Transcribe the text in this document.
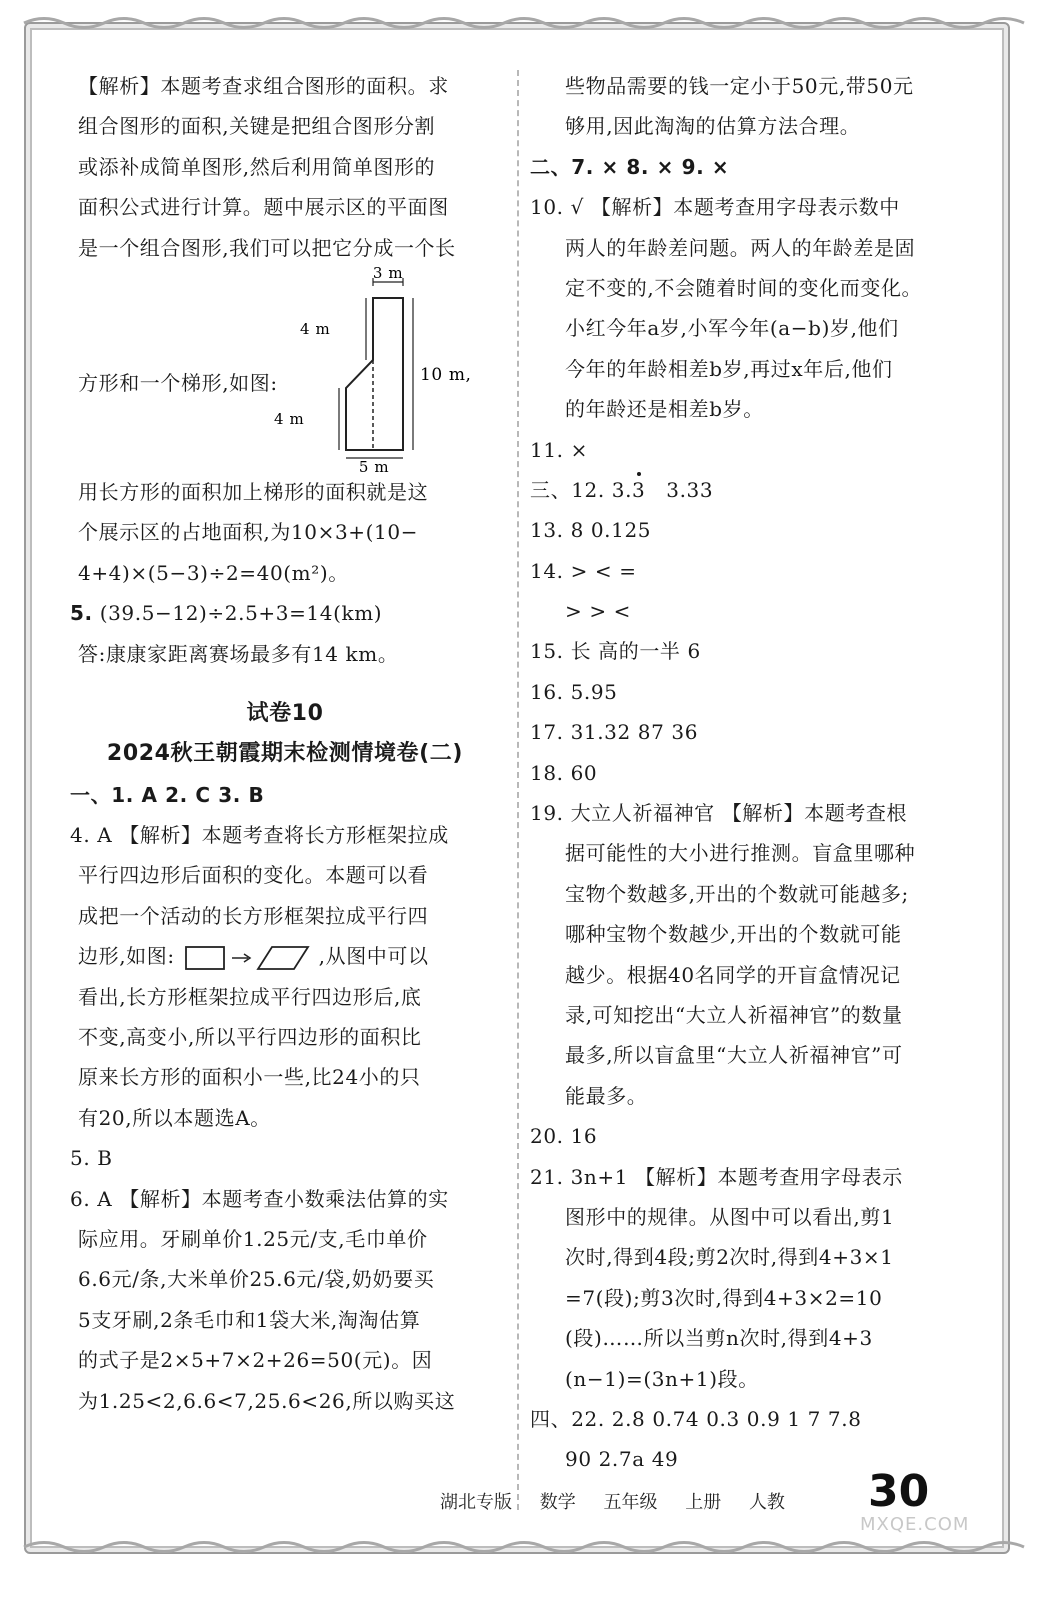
【解析】本题考查求组合图形的面积。求
组合图形的面积,关键是把组合图形分割
或添补成简单图形,然后利用简单图形的
面积公式进行计算。题中展示区的平面图
是一个组合图形,我们可以把它分成一个长
方形和一个梯形,如图:
3 m
4 m
10 m,
4 m
5 m
用长方形的面积加上梯形的面积就是这
个展示区的占地面积,为10×3+(10−
4+4)×(5−3)÷2=40(m²)。
5. (39.5−12)÷2.5+3=14(km)
答:康康家距离赛场最多有14 km。
试卷10
2024秋王朝霞期末检测情境卷(二)
一、1. A 2. C 3. B
4. A 【解析】本题考查将长方形框架拉成
平行四边形后面积的变化。本题可以看
成把一个活动的长方形框架拉成平行四
边形,如图:	,从图中可以
看出,长方形框架拉成平行四边形后,底
不变,高变小,所以平行四边形的面积比
原来长方形的面积小一些,比24小的只
有20,所以本题选A。
5. B
6. A 【解析】本题考查小数乘法估算的实
际应用。牙刷单价1.25元/支,毛巾单价
6.6元/条,大米单价25.6元/袋,奶奶要买
5支牙刷,2条毛巾和1袋大米,淘淘估算
的式子是2×5+7×2+26=50(元)。因
为1.25<2,6.6<7,25.6<26,所以购买这
些物品需要的钱一定小于50元,带50元
够用,因此淘淘的估算方法合理。
二、7. × 8. × 9. ×
10. √ 【解析】本题考查用字母表示数中
两人的年龄差问题。两人的年龄差是固
定不变的,不会随着时间的变化而变化。
小红今年a岁,小军今年(a−b)岁,他们
今年的年龄相差b岁,再过x年后,他们
的年龄还是相差b岁。
11. ×
三、12. 3.3   3.33
13. 8 0.125
14. > < =
> > <
15. 长 高的一半 6
16. 5.95
17. 31.32 87 36
18. 60
19. 大立人祈福神官 【解析】本题考查根
据可能性的大小进行推测。盲盒里哪种
宝物个数越多,开出的个数就可能越多;
哪种宝物个数越少,开出的个数就可能
越少。根据40名同学的开盲盒情况记
录,可知挖出“大立人祈福神官”的数量
最多,所以盲盒里“大立人祈福神官”可
能最多。
20. 16
21. 3n+1 【解析】本题考查用字母表示
图形中的规律。从图中可以看出,剪1
次时,得到4段;剪2次时,得到4+3×1
=7(段);剪3次时,得到4+3×2=10
(段)……所以当剪n次时,得到4+3
(n−1)=(3n+1)段。
四、22. 2.8 0.74 0.3 0.9 1 7 7.8
90 2.7a 49
湖北专版 数学 五年级 上册 人教	30
MXQE.COM
